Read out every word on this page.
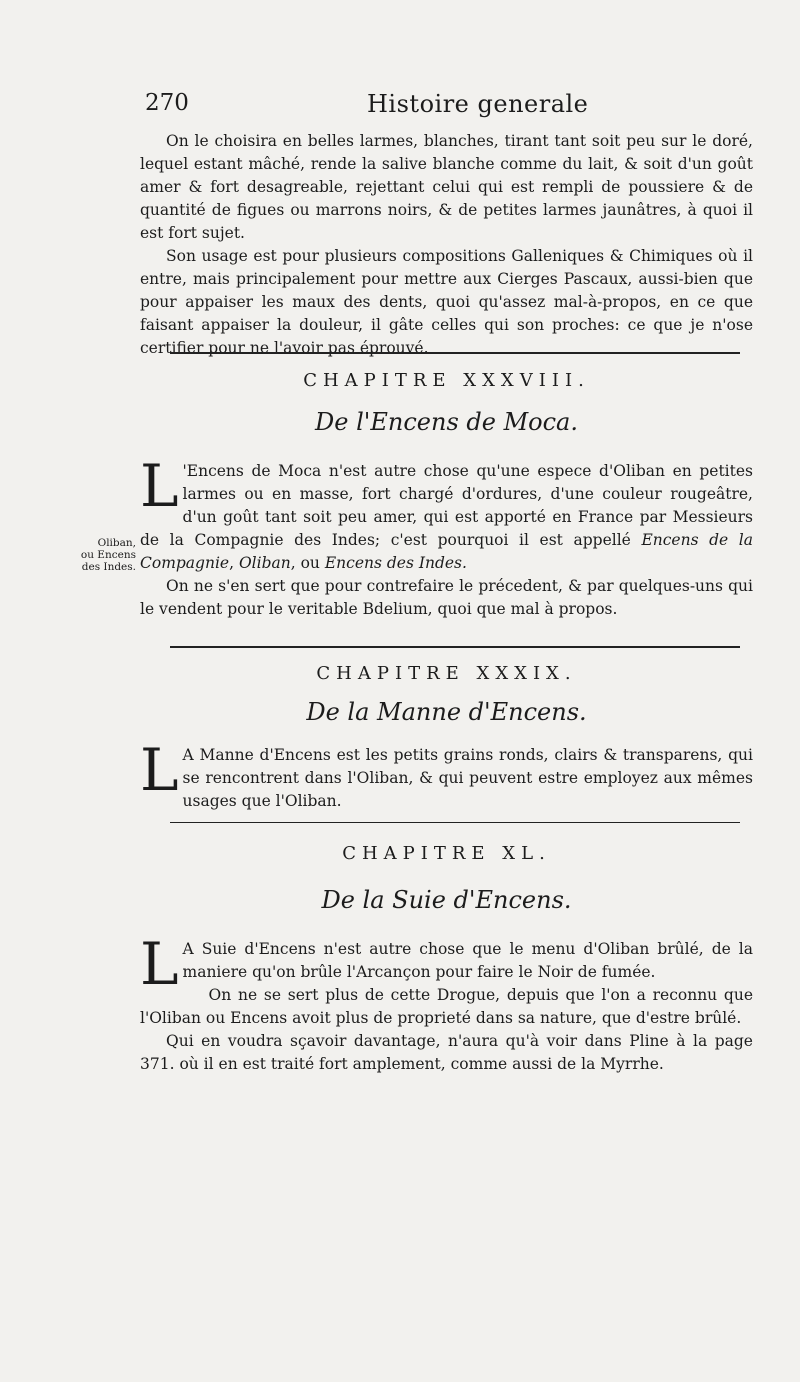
270	Histoire generale

On le choisira en belles larmes, blanches, tirant tant soit peu sur le doré, lequel estant mâché, rende la salive blanche comme du lait, & soit d'un goût amer & fort desagreable, rejettant celui qui est rempli de poussiere & de quantité de figues ou marrons noirs, & de petites larmes jaunâtres, à quoi il est fort sujet.

Son usage est pour plusieurs compositions Galleniques & Chimiques où il entre, mais principalement pour mettre aux Cierges Pascaux, aussi-bien que pour appaiser les maux des dents, quoi qu'assez mal-à-propos, en ce que faisant appaiser la douleur, il gâte celles qui son proches: ce que je n'ose certifier pour ne l'avoir pas éprouvé.

CHAPITRE XXXVIII.
De l'Encens de Moca.

L 'Encens de Moca n'est autre chose qu'une espece d'Oliban en petites larmes ou en masse, fort chargé d'ordures, d'une couleur rougeâtre, d'un goût tant soit peu amer, qui est apporté en France par Messieurs de la Compagnie des Indes; c'est pourquoi il est appellé Encens de la Compagnie, Oliban, ou Encens des Indes.

On ne s'en sert que pour contrefaire le précedent, & par quelques-uns qui le vendent pour le veritable Bdelium, quoi que mal à propos.

Oliban,
ou Encens
des Indes.
CHAPITRE XXXIX.
De la Manne d'Encens.

L A Manne d'Encens est les petits grains ronds, clairs & transparens, qui se rencontrent dans l'Oliban, & qui peuvent estre employez aux mêmes usages que l'Oliban.

CHAPITRE XL.
De la Suie d'Encens.

L A Suie d'Encens n'est autre chose que le menu d'Oliban brûlé, de la maniere qu'on brûle l'Arcançon pour faire le Noir de fumée.

On ne se sert plus de cette Drogue, depuis que l'on a reconnu que l'Oliban ou Encens avoit plus de proprieté dans sa nature, que d'estre brûlé.

Qui en voudra sçavoir davantage, n'aura qu'à voir dans Pline à la page 371. où il en est traité fort amplement, comme aussi de la Myrrhe.
